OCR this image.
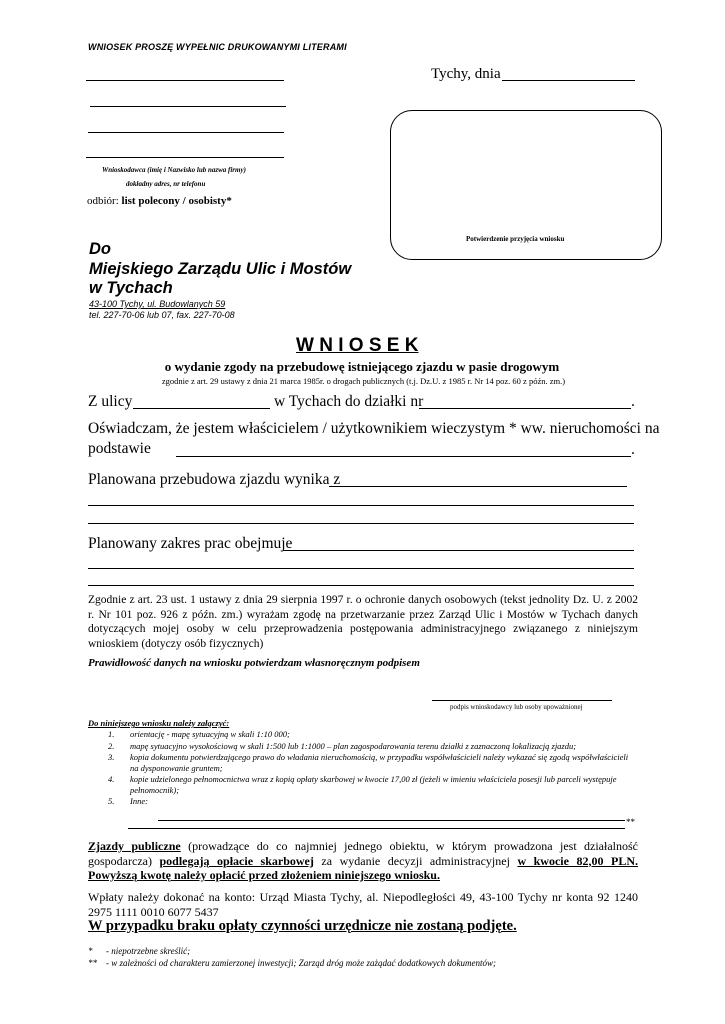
WNIOSEK PROSZĘ WYPEŁNIC DRUKOWANYMI LITERAMI
Wnioskodawca (imię i Nazwisko lub nazwa firmy)
dokładny adres, nr telefonu
odbiór: list polecony / osobisty*
Tychy, dnia
Potwierdzenie przyjęcia wniosku
Do
Miejskiego Zarządu Ulic i Mostów
w Tychach
43-100 Tychy, ul. Budowlanych 59
tel. 227-70-06 lub 07, fax. 227-70-08
W N I O S E K
o wydanie zgody na przebudowę istniejącego zjazdu w pasie drogowym
zgodnie z art. 29 ustawy z dnia 21 marca 1985r. o drogach publicznych (t.j. Dz.U. z 1985 r. Nr 14 poz. 60 z późn. zm.)
Z ulicy	w Tychach do działki nr	.
Oświadczam, że jestem właścicielem / użytkownikiem wieczystym * ww. nieruchomości na
podstawie	.
Planowana przebudowa zjazdu wynika z
Planowany zakres prac obejmuje
Zgodnie z art. 23 ust. 1 ustawy z dnia 29 sierpnia 1997 r. o ochronie danych osobowych (tekst jednolity Dz. U. z 2002 r. Nr 101 poz. 926 z późn. zm.) wyrażam zgodę na przetwarzanie przez Zarząd Ulic i Mostów w Tychach danych dotyczących mojej osoby w celu przeprowadzenia postępowania administracyjnego związanego z niniejszym wnioskiem (dotyczy osób fizycznych)
Prawidłowość danych na wniosku potwierdzam własnoręcznym podpisem
podpis wnioskodawcy lub osoby upoważnionej
Do niniejszego wniosku należy załączyć:
1.	orientację - mapę sytuacyjną w skali 1:10 000;
2.	mapę sytuacyjno wysokościową w skali 1:500 lub 1:1000 – plan zagospodarowania terenu działki z zaznaczoną lokalizacją zjazdu;
3.	kopia dokumentu potwierdzającego prawo do władania nieruchomością, w przypadku współwłaścicieli należy wykazać się zgodą współwłaścicieli na dysponowanie gruntem;
4.	kopie udzielonego pełnomocnictwa wraz z kopią opłaty skarbowej w kwocie 17,00 zł (jeżeli w imieniu właściciela posesji lub parceli występuje pełnomocnik);
5.	Inne:
**
Zjazdy publiczne (prowadzące do co najmniej jednego obiektu, w którym prowadzona jest działalność gospodarcza) podlegają opłacie skarbowej za wydanie decyzji administracyjnej w kwocie 82,00 PLN. Powyższą kwotę należy opłacić przed złożeniem niniejszego wniosku.
Wpłaty należy dokonać na konto: Urząd Miasta Tychy, al. Niepodległości 49, 43-100 Tychy nr konta 92 1240 2975 1111 0010 6077 5437
W przypadku braku opłaty czynności urzędnicze nie zostaną podjęte.
* - niepotrzebne skreślić;
** - w zależności od charakteru zamierzonej inwestycji; Zarząd dróg może zażądać dodatkowych dokumentów;
